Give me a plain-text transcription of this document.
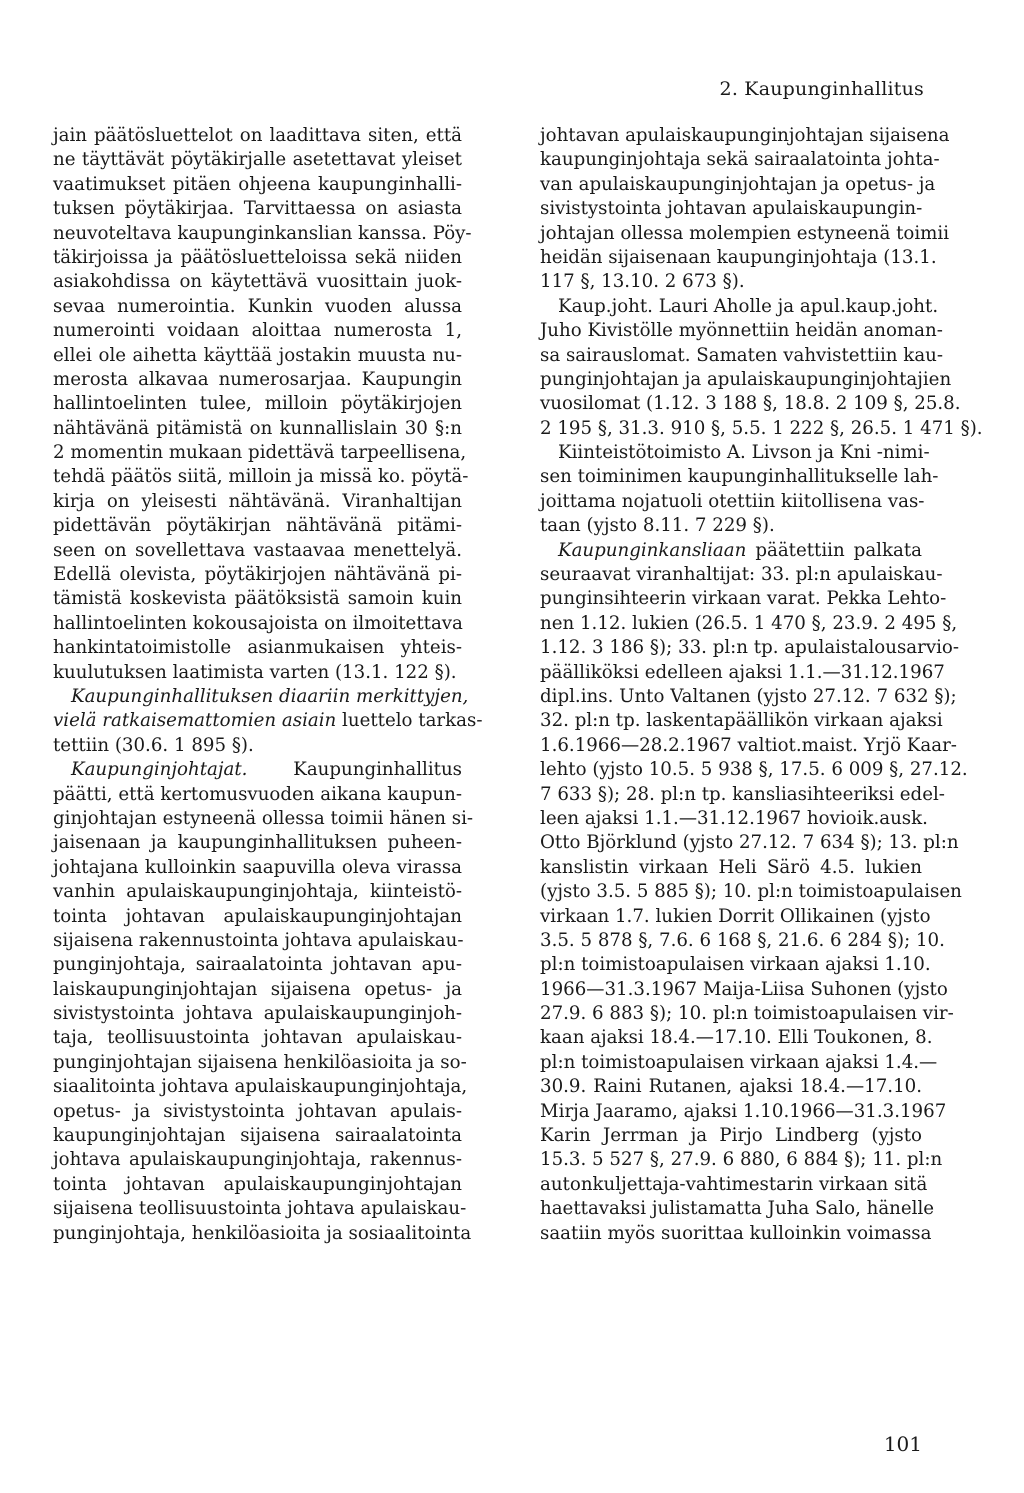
2. Kaupunginhallitus
jain päätösluettelot on laadittava siten, että
ne täyttävät pöytäkirjalle asetettavat yleiset
vaatimukset pitäen ohjeena kaupunginhalli-
tuksen pöytäkirjaa. Tarvittaessa on asiasta
neuvoteltava kaupunginkanslian kanssa. Pöy-
täkirjoissa ja päätösluetteloissa sekä niiden
asiakohdissa on käytettävä vuosittain juok-
sevaa numerointia. Kunkin vuoden alussa
numerointi voidaan aloittaa numerosta 1,
ellei ole aihetta käyttää jostakin muusta nu-
merosta alkavaa numerosarjaa. Kaupungin
hallintoelinten tulee, milloin pöytäkirjojen
nähtävänä pitämistä on kunnallislain 30 §:n
2 momentin mukaan pidettävä tarpeellisena,
tehdä päätös siitä, milloin ja missä ko. pöytä-
kirja on yleisesti nähtävänä. Viranhaltijan
pidettävän pöytäkirjan nähtävänä pitämi-
seen on sovellettava vastaavaa menettelyä.
Edellä olevista, pöytäkirjojen nähtävänä pi-
tämistä koskevista päätöksistä samoin kuin
hallintoelinten kokousajoista on ilmoitettava
hankintatoimistolle asianmukaisen yhteis-
kuulutuksen laatimista varten (13.1. 122 §).
Kaupunginhallituksen diaariin merkittyjen,
vielä ratkaisemattomien asiain luettelo tarkas-
tettiin (30.6. 1 895 §).
Kaupunginjohtajat. Kaupunginhallitus
päätti, että kertomusvuoden aikana kaupun-
ginjohtajan estyneenä ollessa toimii hänen si-
jaisenaan ja kaupunginhallituksen puheen-
johtajana kulloinkin saapuvilla oleva virassa
vanhin apulaiskaupunginjohtaja, kiinteistö-
tointa johtavan apulaiskaupunginjohtajan
sijaisena rakennustointa johtava apulaiskau-
punginjohtaja, sairaalatointa johtavan apu-
laiskaupunginjohtajan sijaisena opetus- ja
sivistystointa johtava apulaiskaupunginjoh-
taja, teollisuustointa johtavan apulaiskau-
punginjohtajan sijaisena henkilöasioita ja so-
siaalitointa johtava apulaiskaupunginjohtaja,
opetus- ja sivistystointa johtavan apulais-
kaupunginjohtajan sijaisena sairaalatointa
johtava apulaiskaupunginjohtaja, rakennus-
tointa johtavan apulaiskaupunginjohtajan
sijaisena teollisuustointa johtava apulaiskau-
punginjohtaja, henkilöasioita ja sosiaalitointa
johtavan apulaiskaupunginjohtajan sijaisena
kaupunginjohtaja sekä sairaalatointa johta-
van apulaiskaupunginjohtajan ja opetus- ja
sivistystointa johtavan apulaiskaupungin-
johtajan ollessa molempien estyneenä toimii
heidän sijaisenaan kaupunginjohtaja (13.1.
117 §, 13.10. 2 673 §).
Kaup.joht. Lauri Aholle ja apul.kaup.joht.
Juho Kivistölle myönnettiin heidän anoman-
sa sairauslomat. Samaten vahvistettiin kau-
punginjohtajan ja apulaiskaupunginjohtajien
vuosilomat (1.12. 3 188 §, 18.8. 2 109 §, 25.8.
2 195 §, 31.3. 910 §, 5.5. 1 222 §, 26.5. 1 471 §).
Kiinteistötoimisto A. Livson ja Kni -nimi-
sen toiminimen kaupunginhallitukselle lah-
joittama nojatuoli otettiin kiitollisena vas-
taan (yjsto 8.11. 7 229 §).
Kaupunginkansliaan päätettiin palkata
seuraavat viranhaltijat: 33. pl:n apulaiskau-
punginsihteerin virkaan varat. Pekka Lehto-
nen 1.12. lukien (26.5. 1 470 §, 23.9. 2 495 §,
1.12. 3 186 §); 33. pl:n tp. apulaistalousarvio-
päälliköksi edelleen ajaksi 1.1.—31.12.1967
dipl.ins. Unto Valtanen (yjsto 27.12. 7 632 §);
32. pl:n tp. laskentapäällikön virkaan ajaksi
1.6.1966—28.2.1967 valtiot.maist. Yrjö Kaar-
lehto (yjsto 10.5. 5 938 §, 17.5. 6 009 §, 27.12.
7 633 §); 28. pl:n tp. kansliasihteeriksi edel-
leen ajaksi 1.1.—31.12.1967 hovioik.ausk.
Otto Björklund (yjsto 27.12. 7 634 §); 13. pl:n
kanslistin virkaan Heli Särö 4.5. lukien
(yjsto 3.5. 5 885 §); 10. pl:n toimistoapulaisen
virkaan 1.7. lukien Dorrit Ollikainen (yjsto
3.5. 5 878 §, 7.6. 6 168 §, 21.6. 6 284 §); 10.
pl:n toimistoapulaisen virkaan ajaksi 1.10.
1966—31.3.1967 Maija-Liisa Suhonen (yjsto
27.9. 6 883 §); 10. pl:n toimistoapulaisen vir-
kaan ajaksi 18.4.—17.10. Elli Toukonen, 8.
pl:n toimistoapulaisen virkaan ajaksi 1.4.—
30.9. Raini Rutanen, ajaksi 18.4.—17.10.
Mirja Jaaramo, ajaksi 1.10.1966—31.3.1967
Karin Jerrman ja Pirjo Lindberg (yjsto
15.3. 5 527 §, 27.9. 6 880, 6 884 §); 11. pl:n
autonkuljettaja-vahtimestarin virkaan sitä
haettavaksi julistamatta Juha Salo, hänelle
saatiin myös suorittaa kulloinkin voimassa
101
